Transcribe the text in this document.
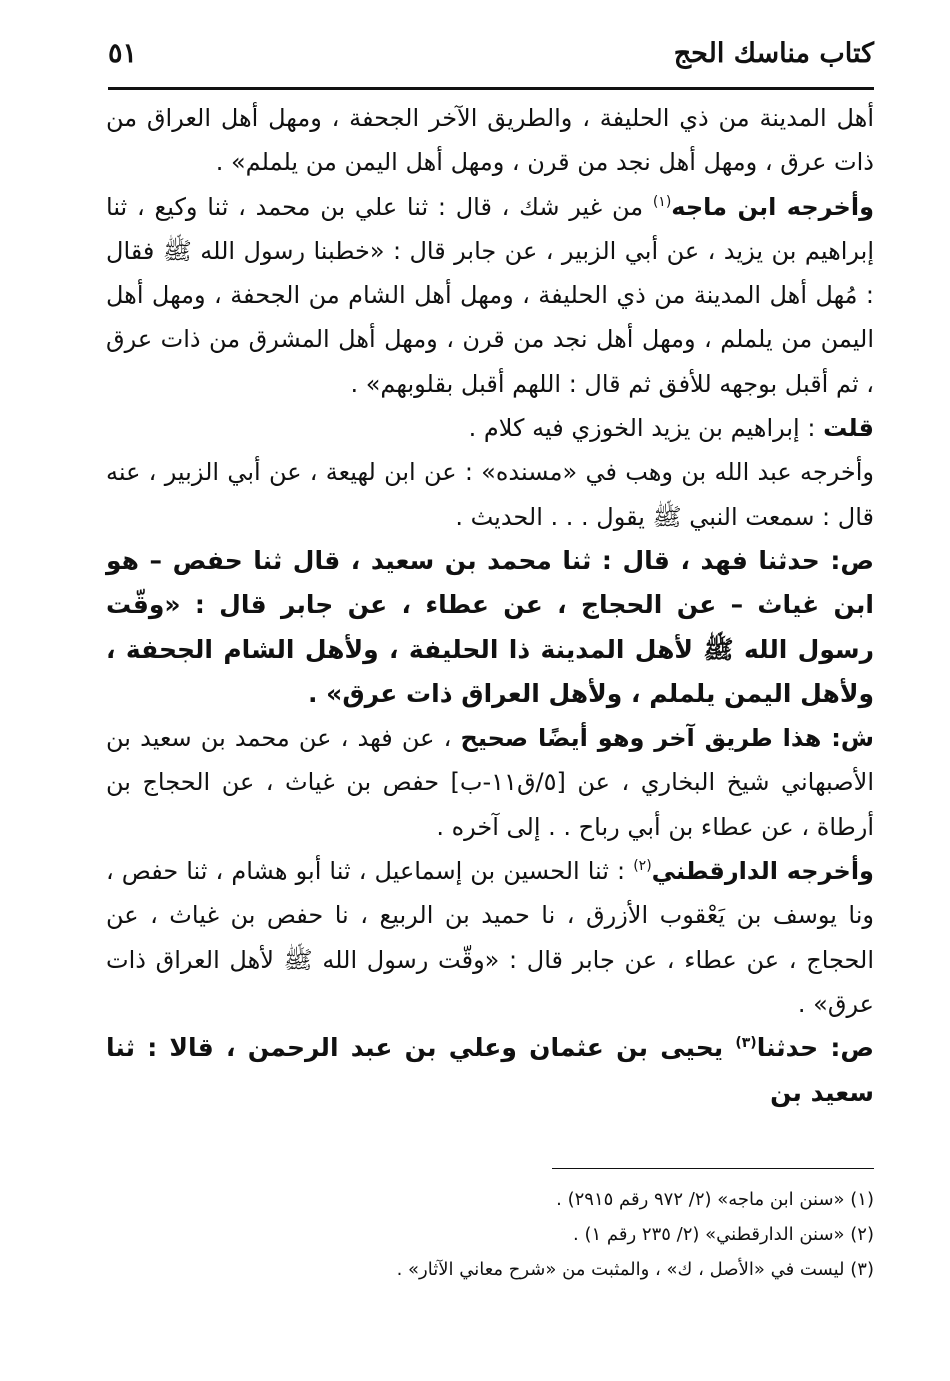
كتاب مناسك الحج
٥١

أهل المدينة من ذي الحليفة ، والطريق الآخر الجحفة ، ومهل أهل العراق من ذات عرق ، ومهل أهل نجد من قرن ، ومهل أهل اليمن من يلملم» .

وأخرجه ابن ماجه$^{(١)}$ من غير شك ، قال : ثنا علي بن محمد ، ثنا وكيع ، ثنا إبراهيم بن يزيد ، عن أبي الزبير ، عن جابر قال : «خطبنا رسول الله ﷺ فقال : مُهل أهل المدينة من ذي الحليفة ، ومهل أهل الشام من الجحفة ، ومهل أهل اليمن من يلملم ، ومهل أهل نجد من قرن ، ومهل أهل المشرق من ذات عرق ، ثم أقبل بوجهه للأفق ثم قال : اللهم أقبل بقلوبهم» .

قلت : إبراهيم بن يزيد الخوزي فيه كلام .

وأخرجه عبد الله بن وهب في «مسنده» : عن ابن لهيعة ، عن أبي الزبير ، عنه قال : سمعت النبي ﷺ يقول . . . الحديث .

ص: حدثنا فهد ، قال : ثنا محمد بن سعيد ، قال ثنا حفص – هو ابن غياث – عن الحجاج ، عن عطاء ، عن جابر قال : «وقّت رسول الله ﷺ لأهل المدينة ذا الحليفة ، ولأهل الشام الجحفة ، ولأهل اليمن يلملم ، ولأهل العراق ذات عرق» .

ش: هذا طريق آخر وهو أيضًا صحيح ، عن فهد ، عن محمد بن سعيد بن الأصبهاني شيخ البخاري ، عن [٥/ق١١-ب] حفص بن غياث ، عن الحجاج بن أرطاة ، عن عطاء بن أبي رباح . . إلى آخره .

وأخرجه الدارقطني$^{(٢)}$ : ثنا الحسين بن إسماعيل ، ثنا أبو هشام ، ثنا حفص ، ونا يوسف بن يَعْقوب الأزرق ، نا حميد بن الربيع ، نا حفص بن غياث ، عن الحجاج ، عن عطاء ، عن جابر قال : «وقّت رسول الله ﷺ لأهل العراق ذات عرق» .

ص: حدثنا$^{(٣)}$ يحيى بن عثمان وعلي بن عبد الرحمن ، قالا : ثنا سعيد بن

(١) «سنن ابن ماجه» (٢/ ٩٧٢ رقم ٢٩١٥) .

(٢) «سنن الدارقطني» (٢/ ٢٣٥ رقم ١) .

(٣) ليست في «الأصل ، ك» ، والمثبت من «شرح معاني الآثار» .
